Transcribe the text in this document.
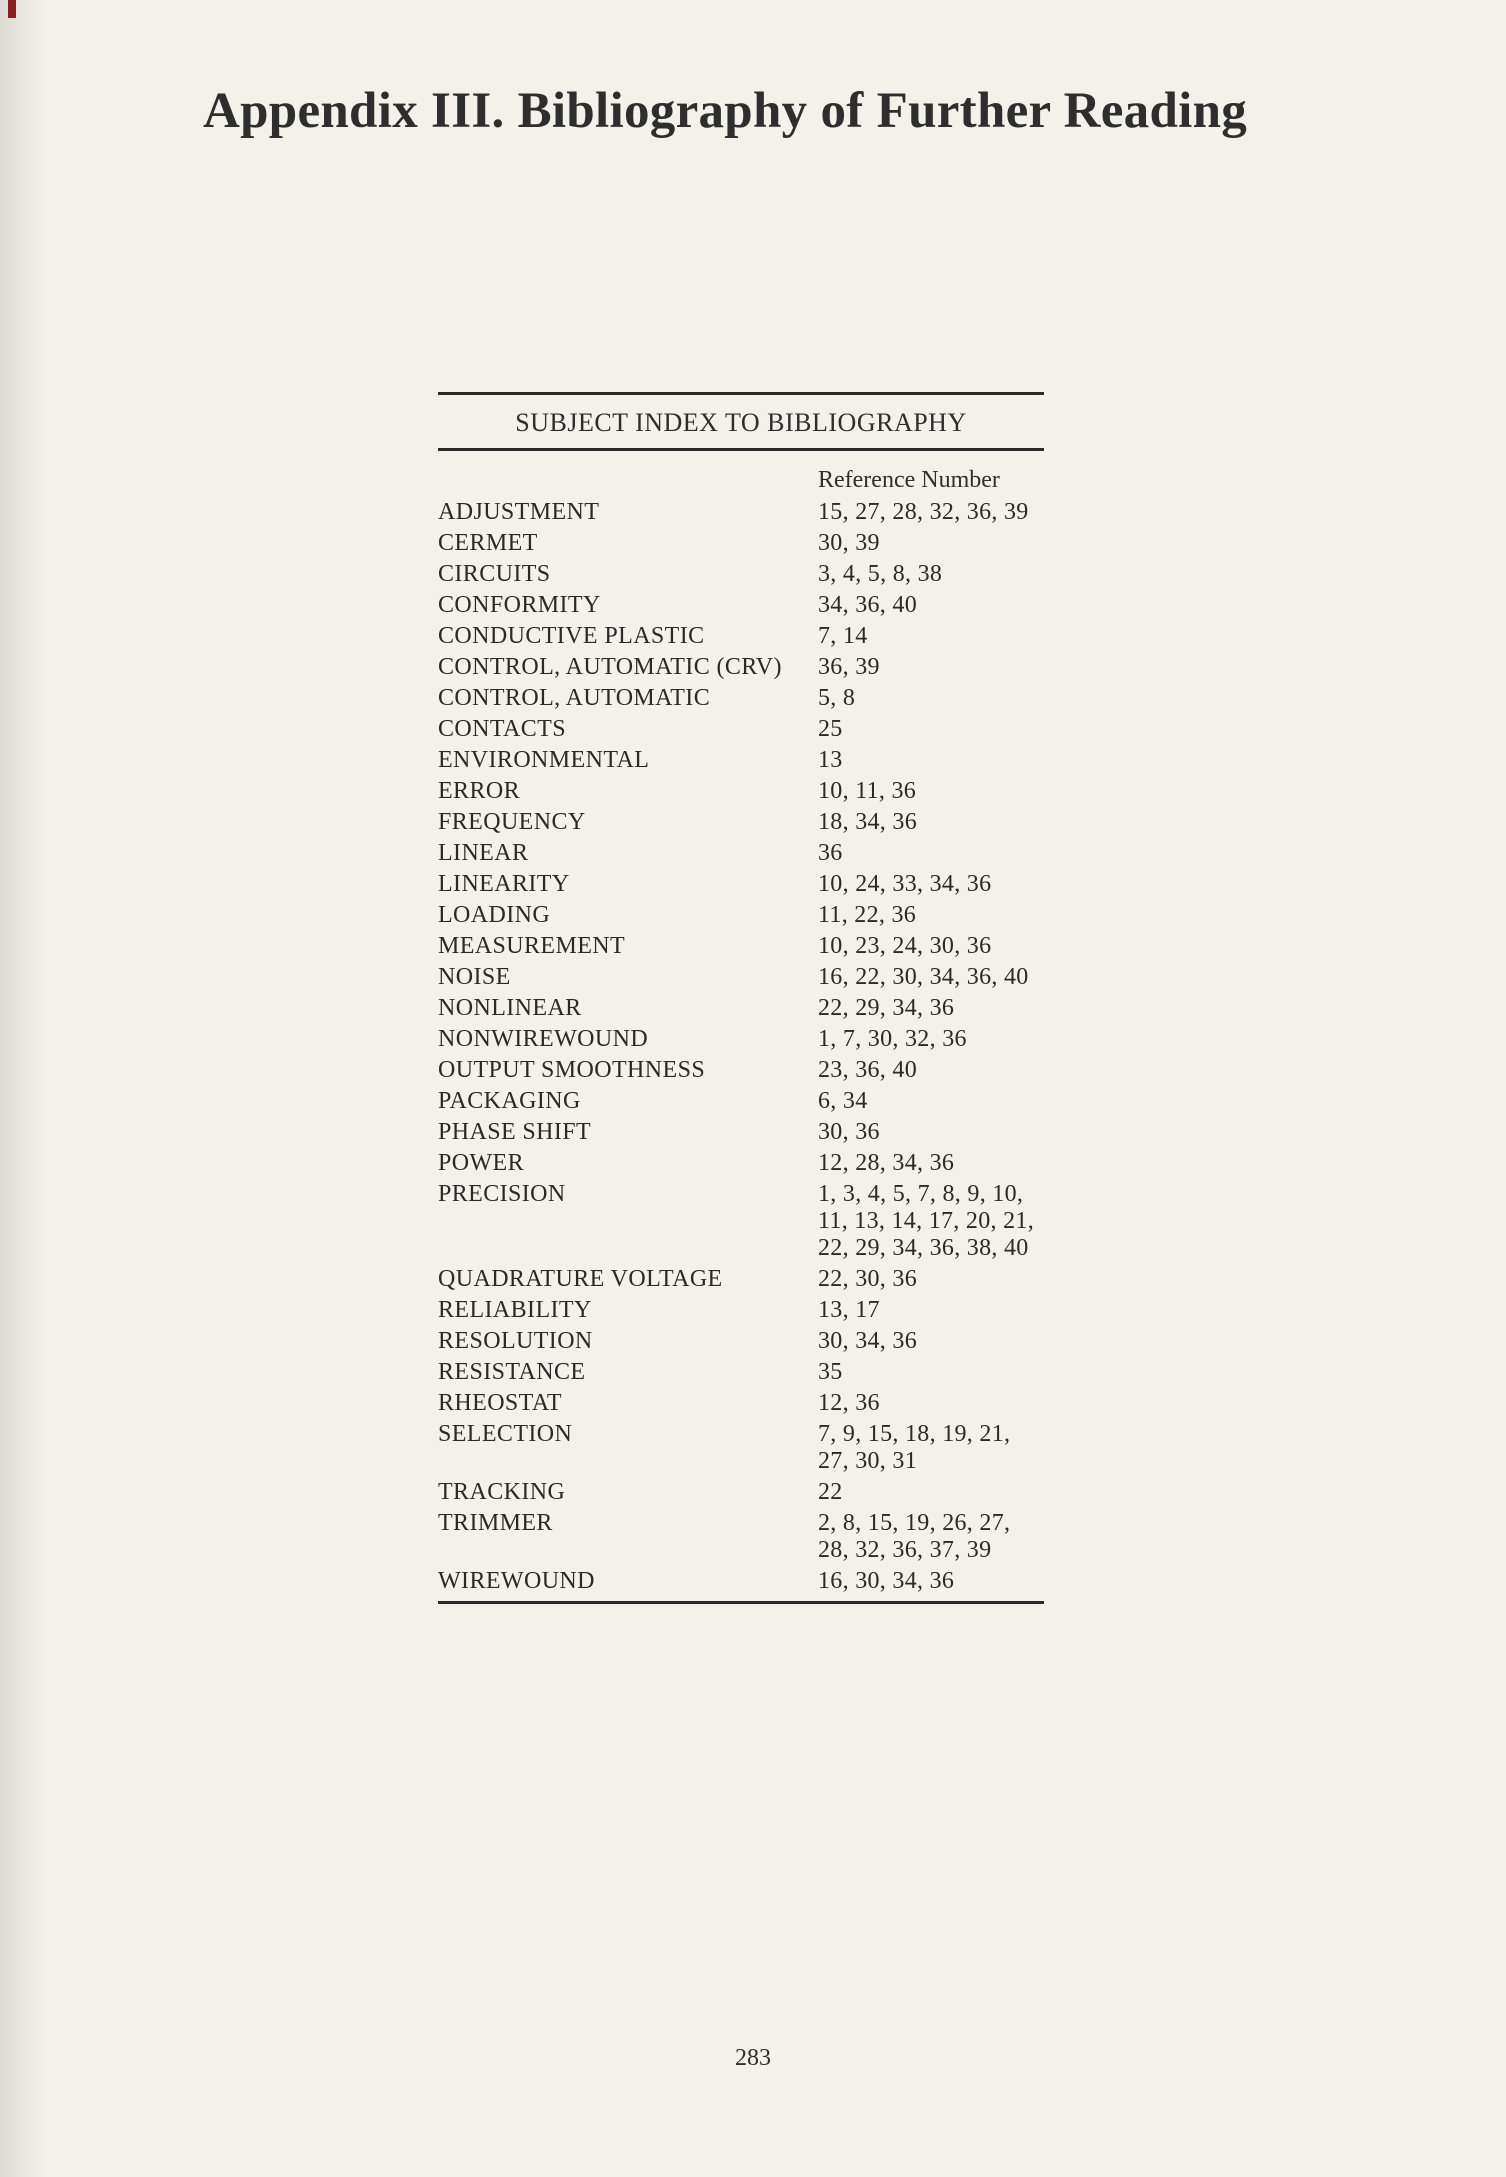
Appendix III. Bibliography of Further Reading
SUBJECT INDEX TO BIBLIOGRAPHY
Reference Number
ADJUSTMENT	15, 27, 28, 32, 36, 39
CERMET	30, 39
CIRCUITS	3, 4, 5, 8, 38
CONFORMITY	34, 36, 40
CONDUCTIVE PLASTIC	7, 14
CONTROL, AUTOMATIC (CRV)	36, 39
CONTROL, AUTOMATIC	5, 8
CONTACTS	25
ENVIRONMENTAL	13
ERROR	10, 11, 36
FREQUENCY	18, 34, 36
LINEAR	36
LINEARITY	10, 24, 33, 34, 36
LOADING	11, 22, 36
MEASUREMENT	10, 23, 24, 30, 36
NOISE	16, 22, 30, 34, 36, 40
NONLINEAR	22, 29, 34, 36
NONWIREWOUND	1, 7, 30, 32, 36
OUTPUT SMOOTHNESS	23, 36, 40
PACKAGING	6, 34
PHASE SHIFT	30, 36
POWER	12, 28, 34, 36
PRECISION	1, 3, 4, 5, 7, 8, 9, 10, 11, 13, 14, 17, 20, 21, 22, 29, 34, 36, 38, 40
QUADRATURE VOLTAGE	22, 30, 36
RELIABILITY	13, 17
RESOLUTION	30, 34, 36
RESISTANCE	35
RHEOSTAT	12, 36
SELECTION	7, 9, 15, 18, 19, 21, 27, 30, 31
TRACKING	22
TRIMMER	2, 8, 15, 19, 26, 27, 28, 32, 36, 37, 39
WIREWOUND	16, 30, 34, 36
283
